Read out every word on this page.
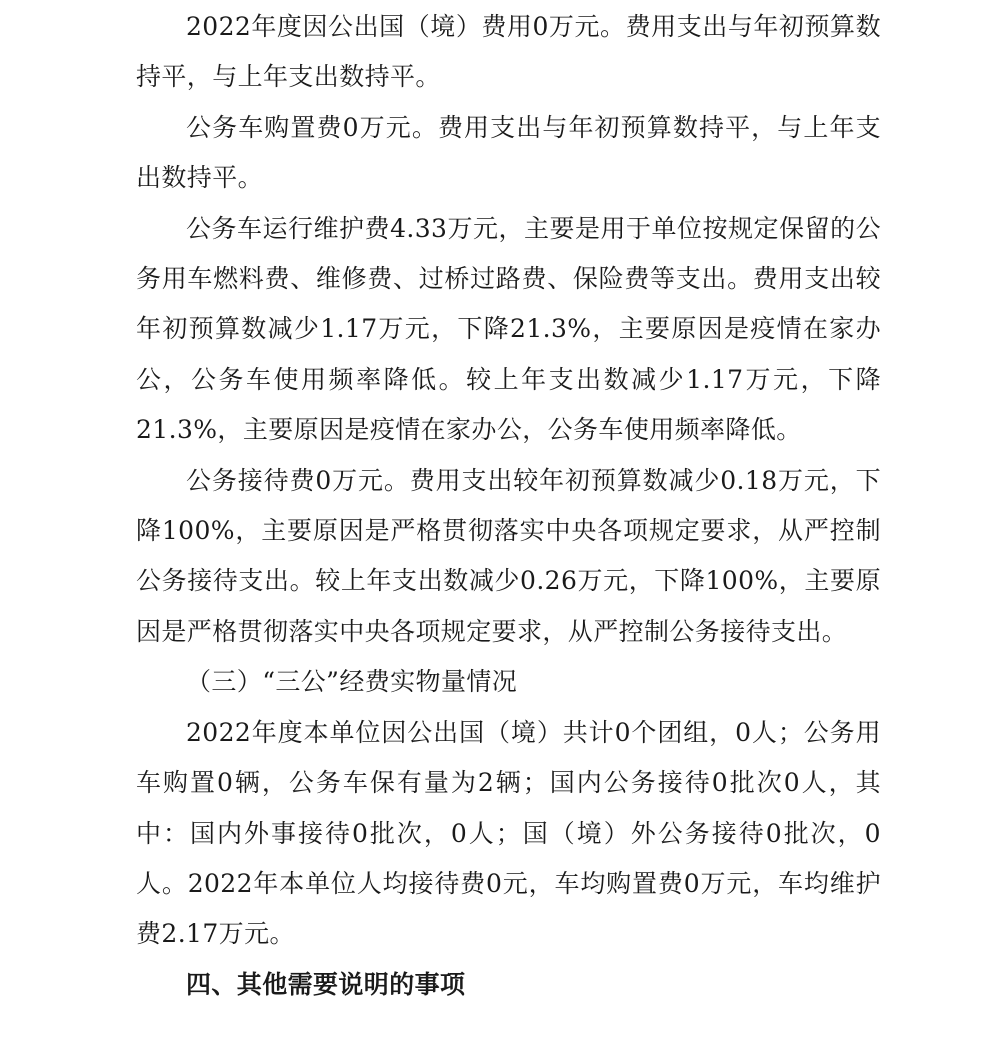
2022年度因公出国（境）费用0万元。费用支出与年初预算数持平，与上年支出数持平。

公务车购置费0万元。费用支出与年初预算数持平，与上年支出数持平。

公务车运行维护费4.33万元，主要是用于单位按规定保留的公务用车燃料费、维修费、过桥过路费、保险费等支出。费用支出较年初预算数减少1.17万元，下降21.3%，主要原因是疫情在家办公，公务车使用频率降低。较上年支出数减少1.17万元，下降21.3%，主要原因是疫情在家办公，公务车使用频率降低。

公务接待费0万元。费用支出较年初预算数减少0.18万元，下降100%，主要原因是严格贯彻落实中央各项规定要求，从严控制公务接待支出。较上年支出数减少0.26万元，下降100%，主要原因是严格贯彻落实中央各项规定要求，从严控制公务接待支出。

（三）“三公”经费实物量情况

2022年度本单位因公出国（境）共计0个团组，0人；公务用车购置0辆，公务车保有量为2辆；国内公务接待0批次0人，其中：国内外事接待0批次，0人；国（境）外公务接待0批次，0人。2022年本单位人均接待费0元，车均购置费0万元，车均维护费2.17万元。

四、其他需要说明的事项
